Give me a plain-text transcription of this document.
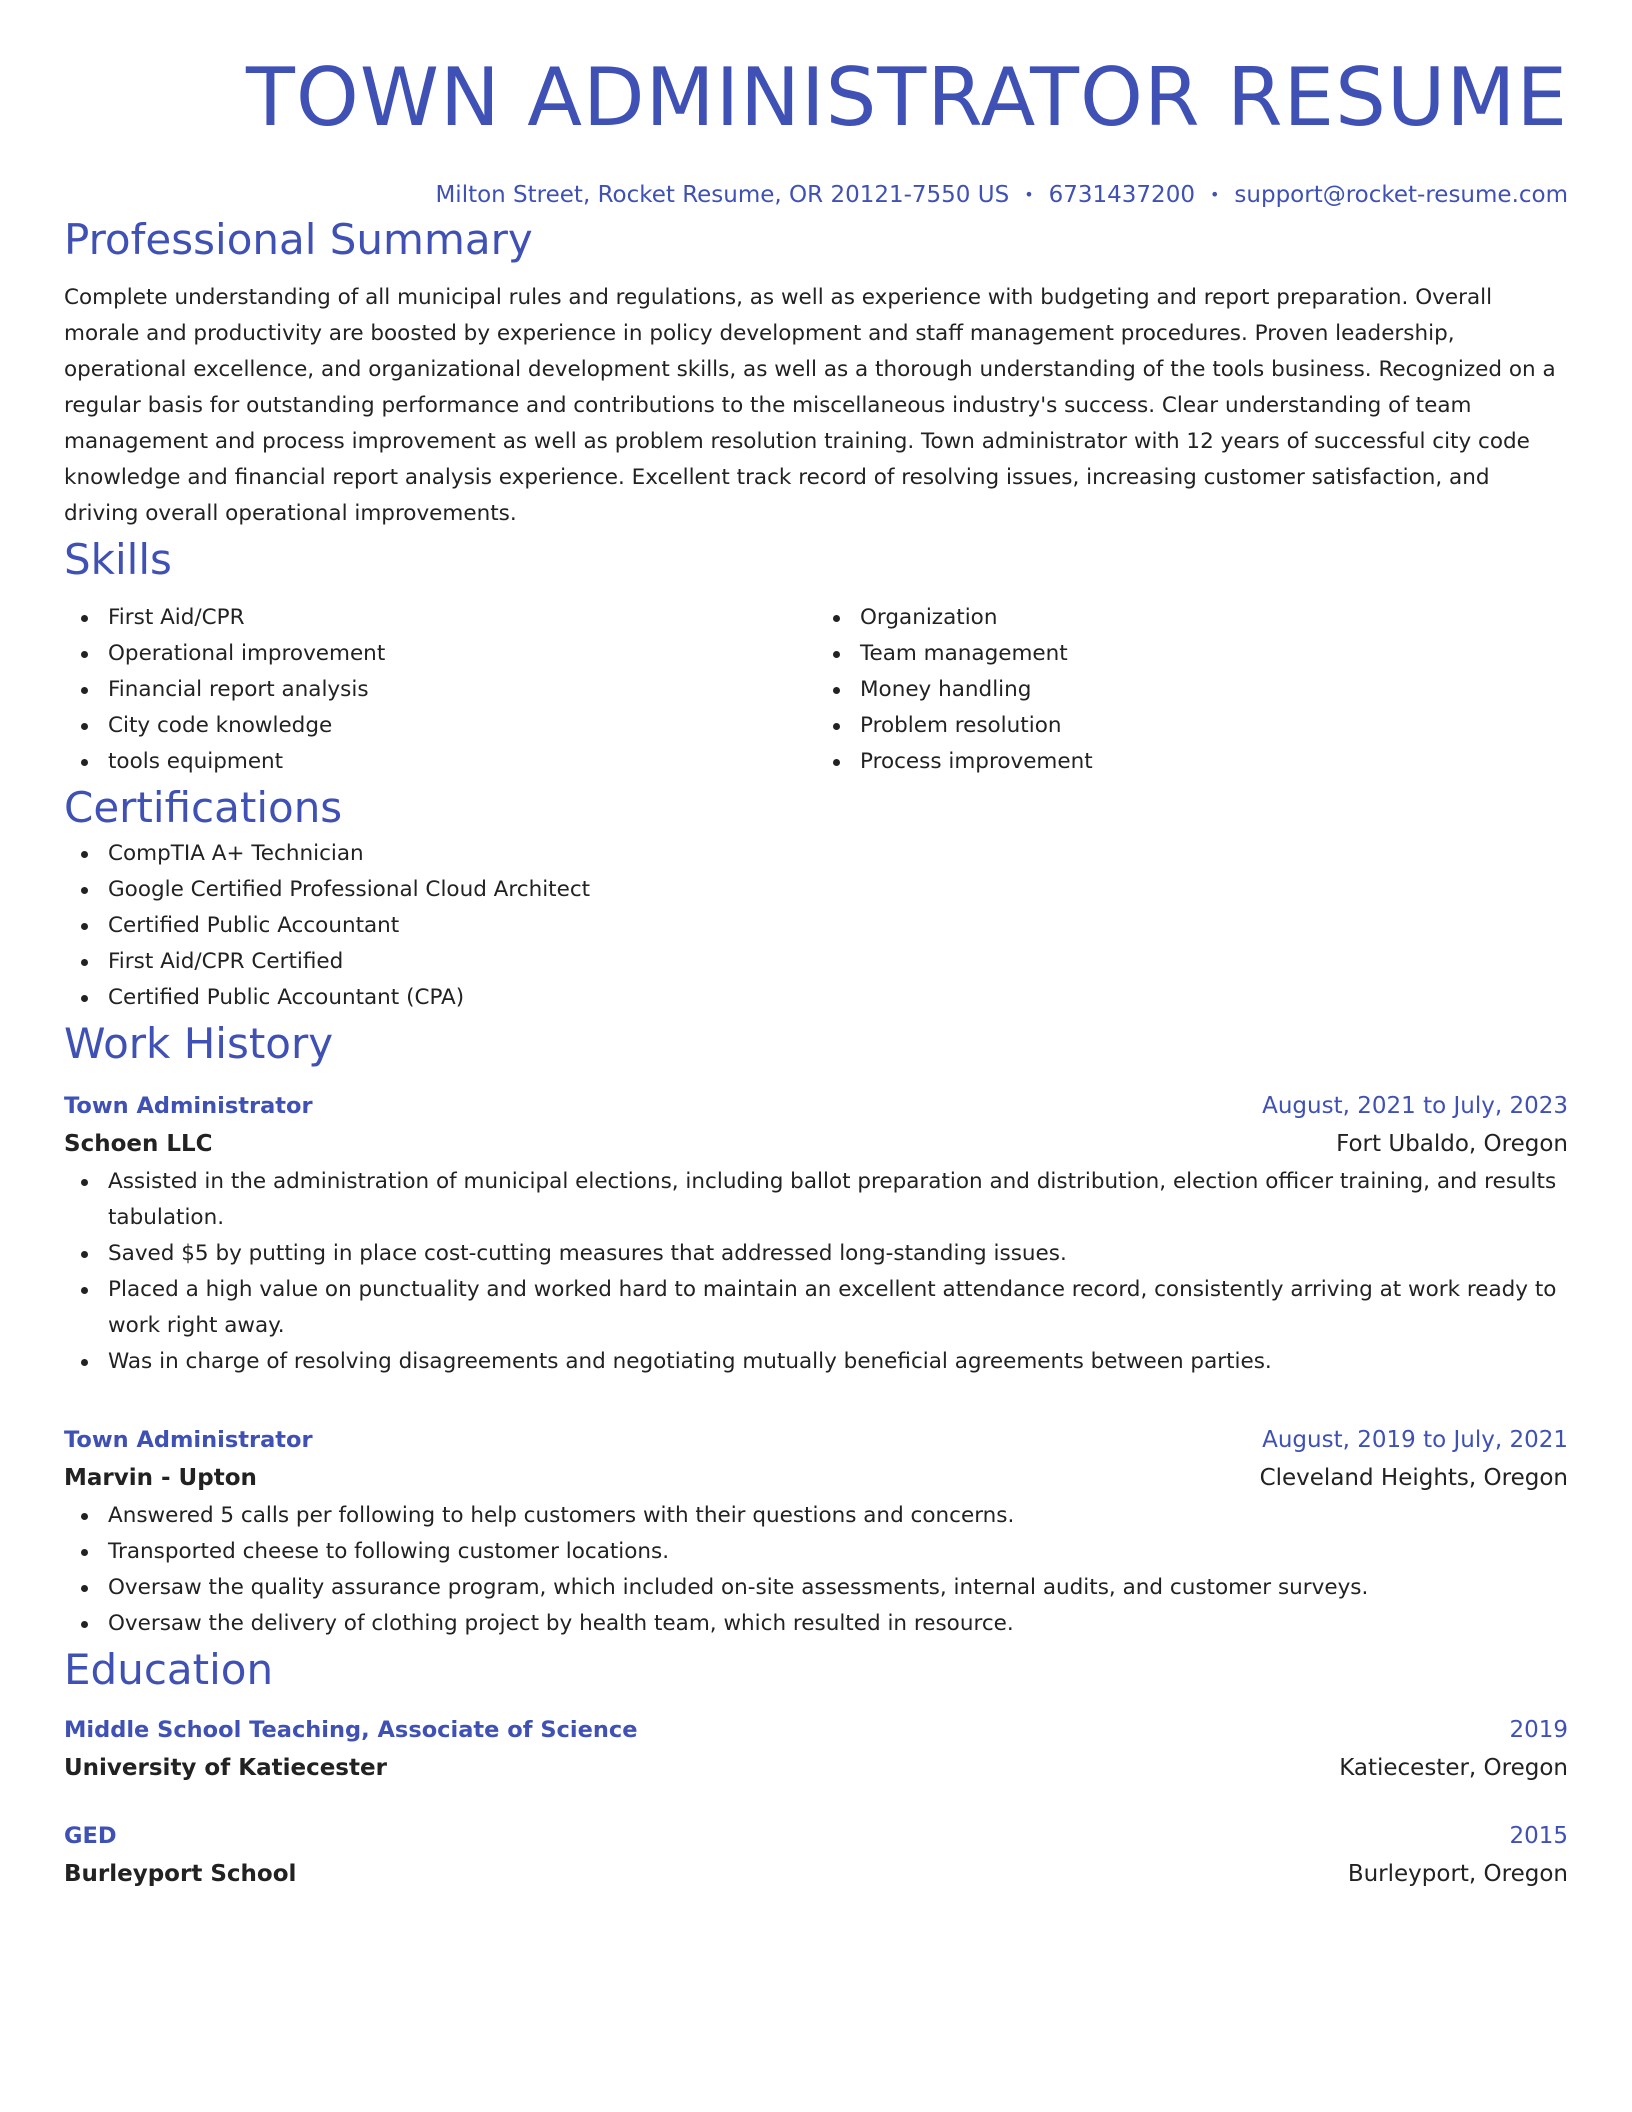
TOWN ADMINISTRATOR RESUME
Milton Street, Rocket Resume, OR 20121-7550 US • 6731437200 • support@rocket-resume.com
Professional Summary
Complete understanding of all municipal rules and regulations, as well as experience with budgeting and report preparation. Overall morale and productivity are boosted by experience in policy development and staff management procedures. Proven leadership, operational excellence, and organizational development skills, as well as a thorough understanding of the tools business. Recognized on a regular basis for outstanding performance and contributions to the miscellaneous industry's success. Clear understanding of team management and process improvement as well as problem resolution training. Town administrator with 12 years of successful city code knowledge and financial report analysis experience. Excellent track record of resolving issues, increasing customer satisfaction, and driving overall operational improvements.
Skills
First Aid/CPR
Operational improvement
Financial report analysis
City code knowledge
tools equipment
Organization
Team management
Money handling
Problem resolution
Process improvement
Certifications
CompTIA A+ Technician
Google Certified Professional Cloud Architect
Certified Public Accountant
First Aid/CPR Certified
Certified Public Accountant (CPA)
Work History
Town Administrator	August, 2021 to July, 2023
Schoen LLC	Fort Ubaldo, Oregon
Assisted in the administration of municipal elections, including ballot preparation and distribution, election officer training, and results tabulation.
Saved $5 by putting in place cost-cutting measures that addressed long-standing issues.
Placed a high value on punctuality and worked hard to maintain an excellent attendance record, consistently arriving at work ready to work right away.
Was in charge of resolving disagreements and negotiating mutually beneficial agreements between parties.
Town Administrator	August, 2019 to July, 2021
Marvin - Upton	Cleveland Heights, Oregon
Answered 5 calls per following to help customers with their questions and concerns.
Transported cheese to following customer locations.
Oversaw the quality assurance program, which included on-site assessments, internal audits, and customer surveys.
Oversaw the delivery of clothing project by health team, which resulted in resource.
Education
Middle School Teaching, Associate of Science	2019
University of Katiecester	Katiecester, Oregon
GED	2015
Burleyport School	Burleyport, Oregon
